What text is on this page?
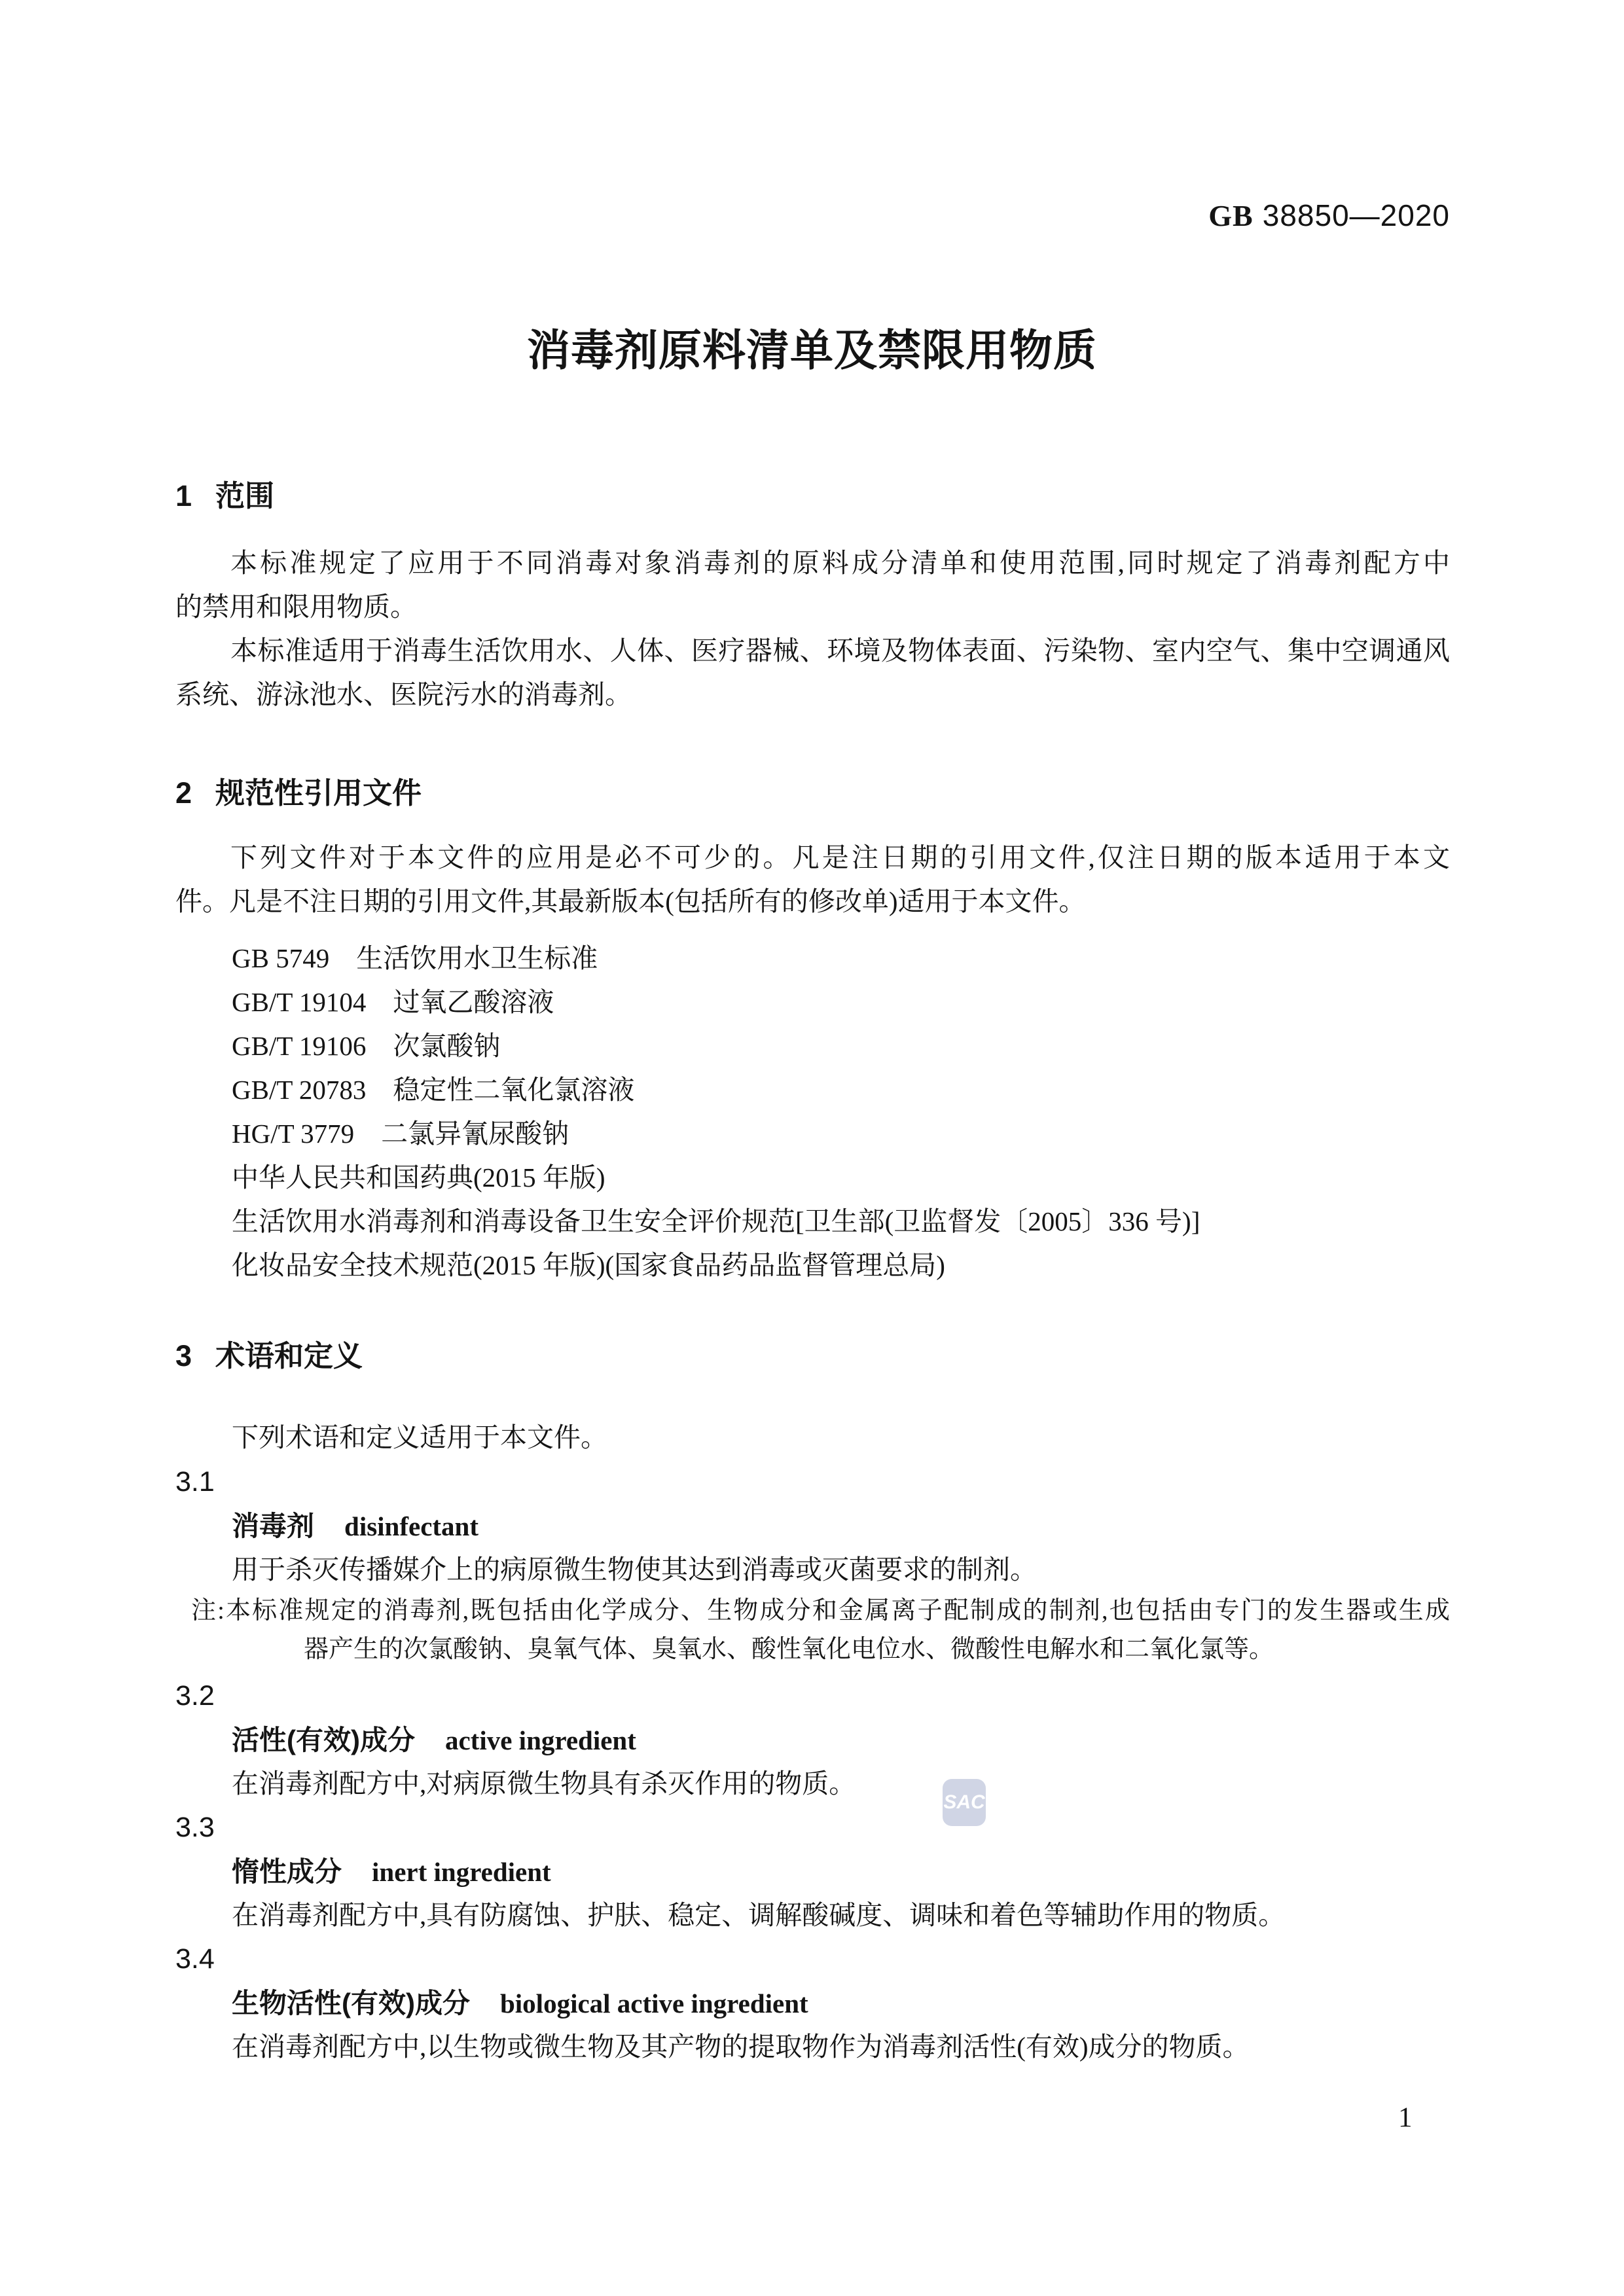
GB 38850—2020
消毒剂原料清单及禁限用物质
1 范围
本标准规定了应用于不同消毒对象消毒剂的原料成分清单和使用范围,同时规定了消毒剂配方中
的禁用和限用物质。
本标准适用于消毒生活饮用水、人体、医疗器械、环境及物体表面、污染物、室内空气、集中空调通风
系统、游泳池水、医院污水的消毒剂。
2 规范性引用文件
下列文件对于本文件的应用是必不可少的。凡是注日期的引用文件,仅注日期的版本适用于本文
件。凡是不注日期的引用文件,其最新版本(包括所有的修改单)适用于本文件。
GB 5749　生活饮用水卫生标准
GB/T 19104　过氧乙酸溶液
GB/T 19106　次氯酸钠
GB/T 20783　稳定性二氧化氯溶液
HG/T 3779　二氯异氰尿酸钠
中华人民共和国药典(2015 年版)
生活饮用水消毒剂和消毒设备卫生安全评价规范[卫生部(卫监督发〔2005〕336 号)]
化妆品安全技术规范(2015 年版)(国家食品药品监督管理总局)
3 术语和定义
下列术语和定义适用于本文件。
3.1
消毒剂 disinfectant
用于杀灭传播媒介上的病原微生物使其达到消毒或灭菌要求的制剂。
注:本标准规定的消毒剂,既包括由化学成分、生物成分和金属离子配制成的制剂,也包括由专门的发生器或生成
器产生的次氯酸钠、臭氧气体、臭氧水、酸性氧化电位水、微酸性电解水和二氧化氯等。
3.2
活性(有效)成分 active ingredient
在消毒剂配方中,对病原微生物具有杀灭作用的物质。
3.3
惰性成分 inert ingredient
在消毒剂配方中,具有防腐蚀、护肤、稳定、调解酸碱度、调味和着色等辅助作用的物质。
3.4
生物活性(有效)成分 biological active ingredient
在消毒剂配方中,以生物或微生物及其产物的提取物作为消毒剂活性(有效)成分的物质。
SAC
1
